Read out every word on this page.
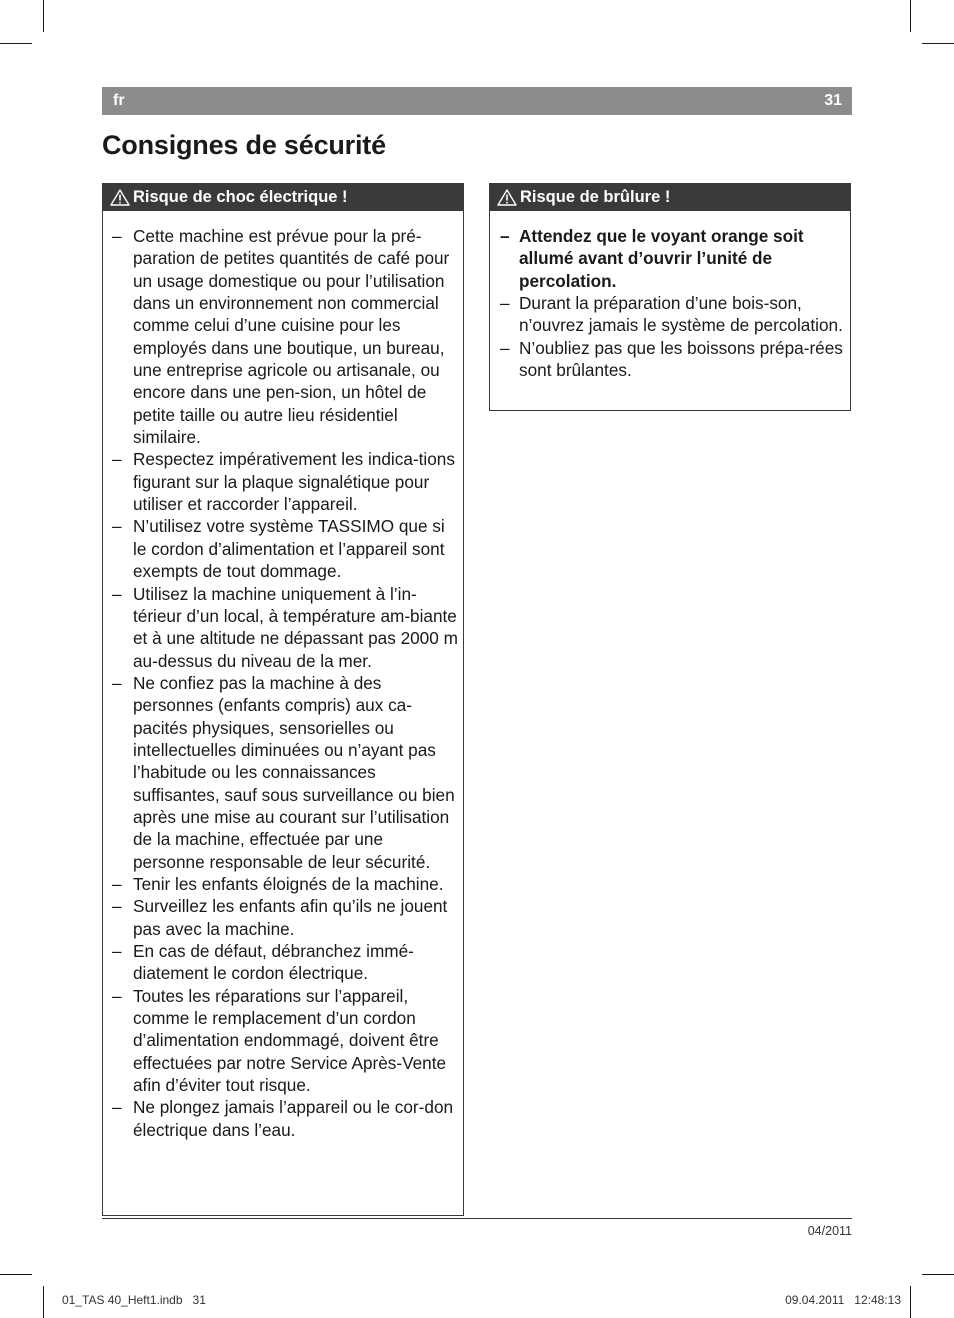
fr	31
Consignes de sécurité
Risque de choc électrique !
– Cette machine est prévue pour la pré-paration de petites quantités de café pour un usage domestique ou pour l’utilisation dans un environnement non commercial comme celui d’une cuisine pour les employés dans une boutique, un bureau, une entreprise agricole ou artisanale, ou encore dans une pen-sion, un hôtel de petite taille ou autre lieu résidentiel similaire.
– Respectez impérativement les indica-tions figurant sur la plaque signalétique pour utiliser et raccorder l’appareil.
– N’utilisez votre système TASSIMO que si le cordon d’alimentation et l’appareil sont exempts de tout dommage.
– Utilisez la machine uniquement à l’in-térieur d’un local, à température am-biante et à une altitude ne dépassant pas 2000 m au-dessus du niveau de la mer.
– Ne confiez pas la machine à des personnes (enfants compris) aux ca-pacités physiques, sensorielles ou intellectuelles diminuées ou n’ayant pas l’habitude ou les connaissances suffisantes, sauf sous surveillance ou bien après une mise au courant sur l’utilisation de la machine, effectuée par une personne responsable de leur sécurité.
– Tenir les enfants éloignés de la machine.
– Surveillez les enfants afin qu’ils ne jouent pas avec la machine.
– En cas de défaut, débranchez immé-diatement le cordon électrique.
– Toutes les réparations sur l’appareil, comme le remplacement d’un cordon d’alimentation endommagé, doivent être effectuées par notre Service Après-Vente afin d’éviter tout risque.
– Ne plongez jamais l’appareil ou le cor-don électrique dans l’eau.
Risque de brûlure !
– Attendez que le voyant orange soit allumé avant d’ouvrir l’unité de percolation.
– Durant la préparation d’une bois-son, n’ouvrez jamais le système de percolation.
– N’oubliez pas que les boissons prépa-rées sont brûlantes.
04/2011
01_TAS 40_Heft1.indb   31	09.04.2011   12:48:13
